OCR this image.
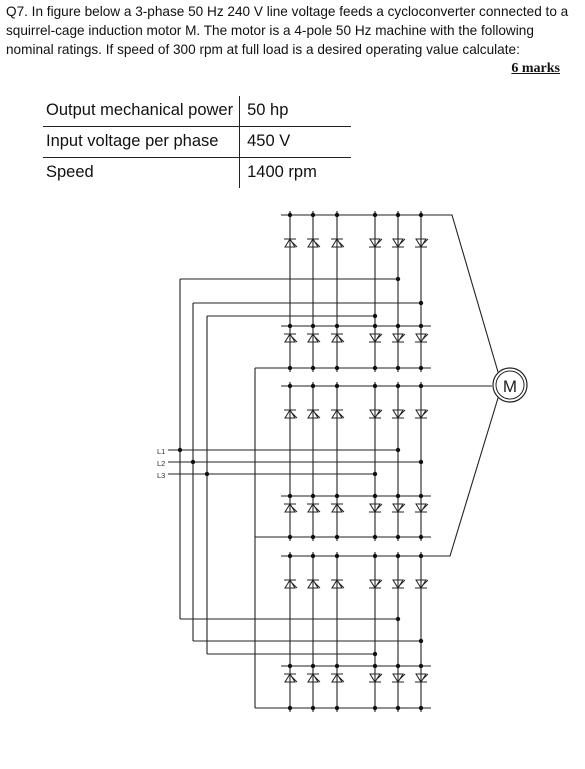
Q7. In figure below a 3-phase 50 Hz 240 V line voltage feeds a cycloconverter connected to a squirrel-cage induction motor M. The motor is a 4-pole 50 Hz machine with the following nominal ratings. If speed of 300 rpm at full load is a desired operating value calculate:
6 marks
Output mechanical power	50 hp
Input voltage per phase	450 V
Speed	1400 rpm
M
L1
L2
L3
